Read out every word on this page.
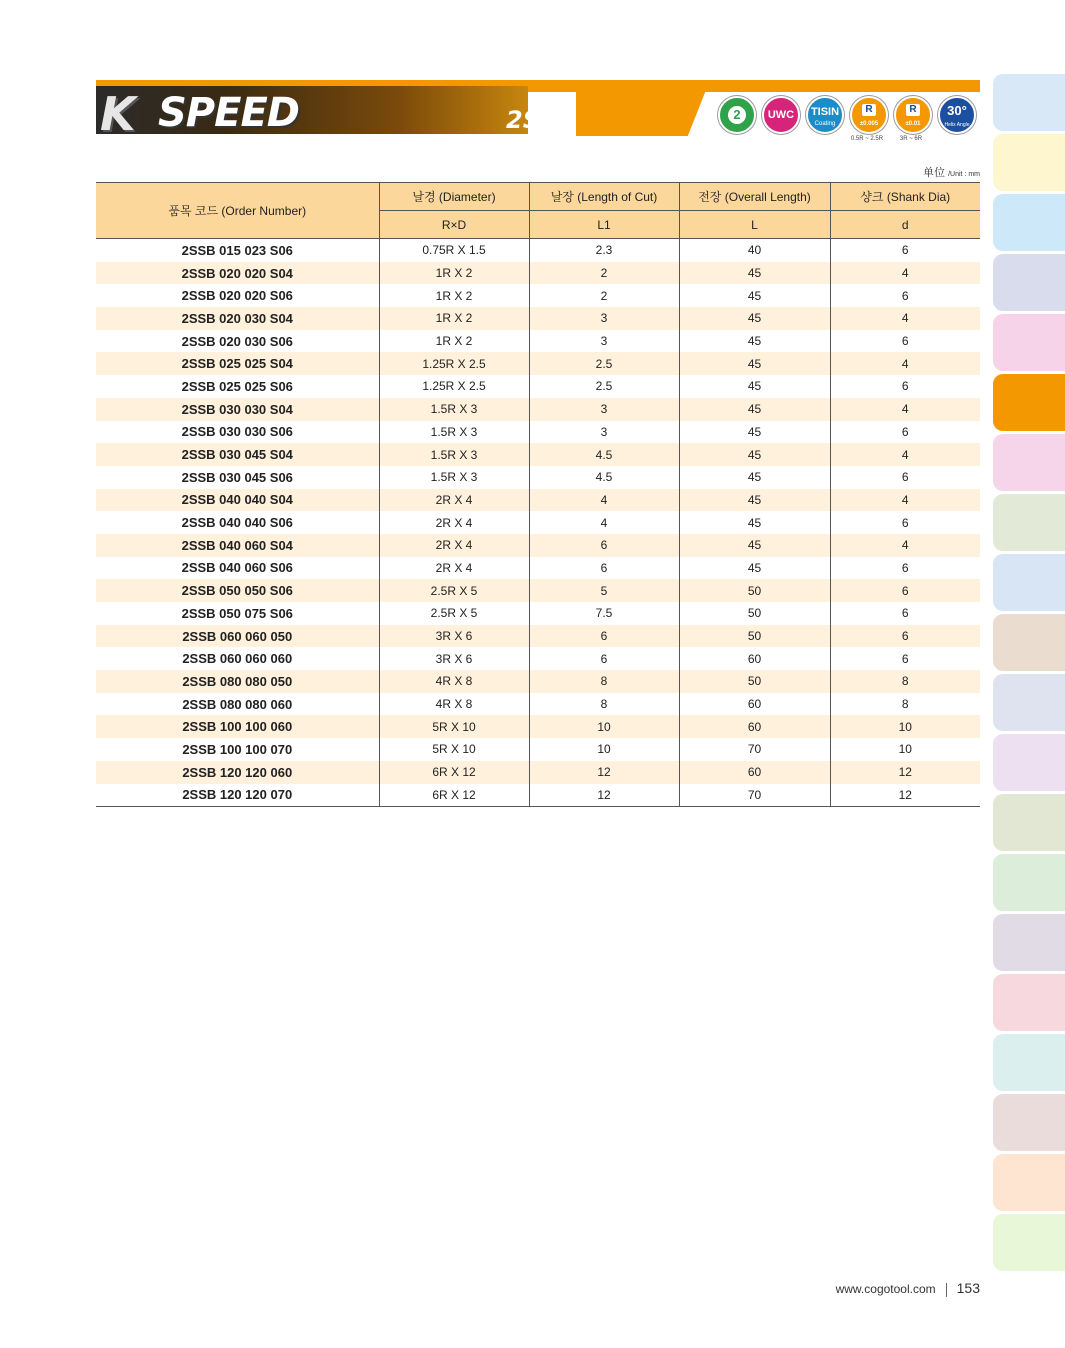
K SPEED	2SSB	2	UWC	TISIN
Coating
R
±0.005
R
±0.01
30°
Helix Angle
0.5R ~ 2.5R	3R ~ 6R
单位 /Unit : mm
품목 코드 (Order Number)	날경 (Diameter)	날장 (Length of Cut)	전장 (Overall Length)	샹크 (Shank Dia)
	R×D	L1	L	d
2SSB 015 023 S06	0.75R X 1.5	2.3	40	6
2SSB 020 020 S04	1R X 2	2	45	4
2SSB 020 020 S06	1R X 2	2	45	6
2SSB 020 030 S04	1R X 2	3	45	4
2SSB 020 030 S06	1R X 2	3	45	6
2SSB 025 025 S04	1.25R X 2.5	2.5	45	4
2SSB 025 025 S06	1.25R X 2.5	2.5	45	6
2SSB 030 030 S04	1.5R X 3	3	45	4
2SSB 030 030 S06	1.5R X 3	3	45	6
2SSB 030 045 S04	1.5R X 3	4.5	45	4
2SSB 030 045 S06	1.5R X 3	4.5	45	6
2SSB 040 040 S04	2R X 4	4	45	4
2SSB 040 040 S06	2R X 4	4	45	6
2SSB 040 060 S04	2R X 4	6	45	4
2SSB 040 060 S06	2R X 4	6	45	6
2SSB 050 050 S06	2.5R X 5	5	50	6
2SSB 050 075 S06	2.5R X 5	7.5	50	6
2SSB 060 060 050	3R X 6	6	50	6
2SSB 060 060 060	3R X 6	6	60	6
2SSB 080 080 050	4R X 8	8	50	8
2SSB 080 080 060	4R X 8	8	60	8
2SSB 100 100 060	5R X 10	10	60	10
2SSB 100 100 070	5R X 10	10	70	10
2SSB 120 120 060	6R X 12	12	60	12
2SSB 120 120 070	6R X 12	12	70	12
www.cogotool.com 153
